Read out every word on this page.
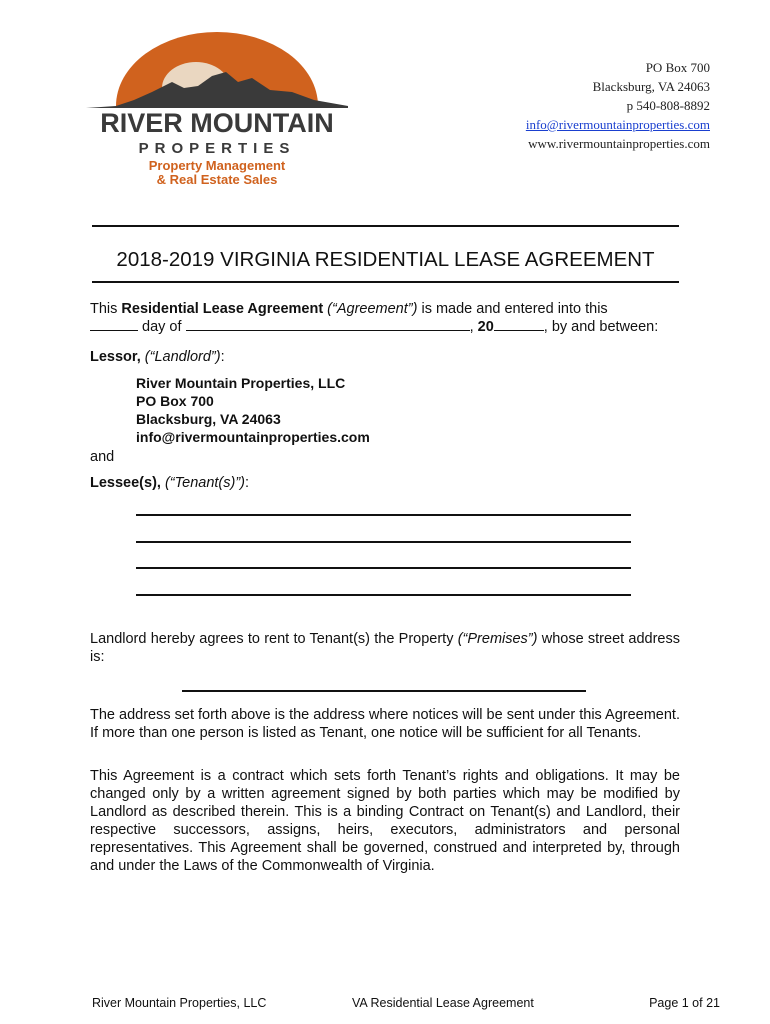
RIVER MOUNTAIN
PROPERTIES
Property Management
& Real Estate Sales
PO Box 700
Blacksburg, VA 24063
p 540-808-8892
info@rivermountainproperties.com
www.rivermountainproperties.com
2018-2019 VIRGINIA RESIDENTIAL LEASE AGREEMENT
This Residential Lease Agreement (“Agreement”) is made and entered into this
day of	, 20	, by and between:
Lessor, (“Landlord”):
River Mountain Properties, LLC
PO Box 700
Blacksburg, VA 24063
info@rivermountainproperties.com
and
Lessee(s), (“Tenant(s)”):
Landlord hereby agrees to rent to Tenant(s) the Property (“Premises”) whose street address is:
The address set forth above is the address where notices will be sent under this Agreement. If more than one person is listed as Tenant, one notice will be sufficient for all Tenants.
This Agreement is a contract which sets forth Tenant’s rights and obligations. It may be changed only by a written agreement signed by both parties which may be modified by Landlord as described therein. This is a binding Contract on Tenant(s) and Landlord, their respective successors, assigns, heirs, executors, administrators and personal representatives. This Agreement shall be governed, construed and interpreted by, through and under the Laws of the Commonwealth of Virginia.
River Mountain Properties, LLC	VA Residential Lease Agreement	Page 1 of 21
